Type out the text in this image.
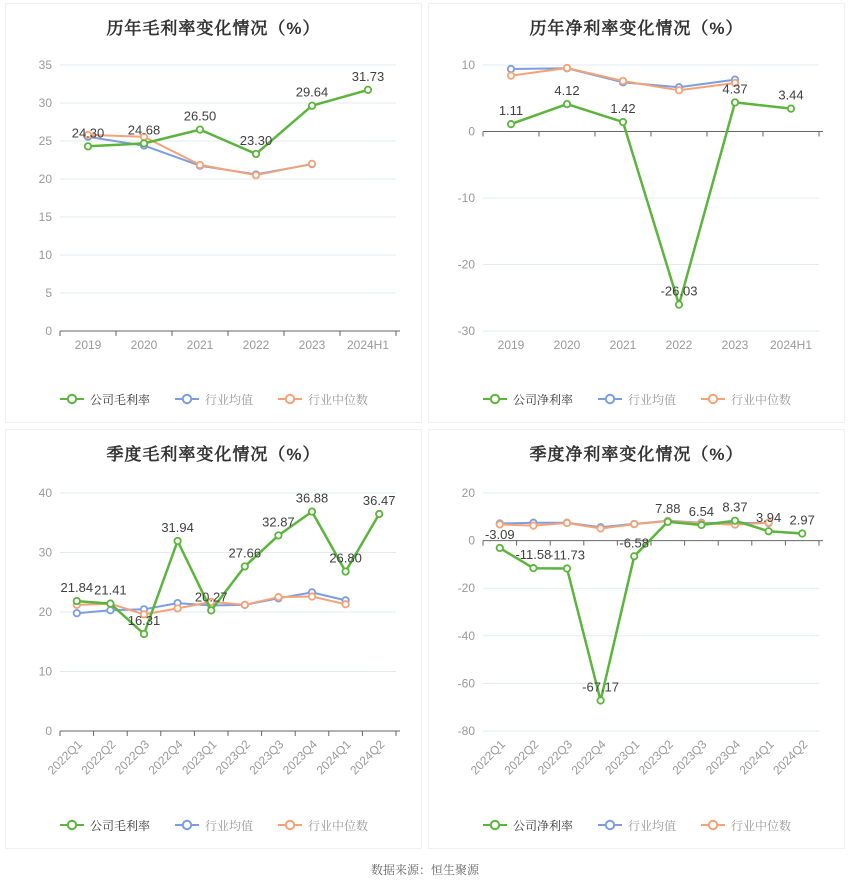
历年毛利率变化情况（%）
0
5
10
15
20
25
30
35
2019 2020 2021 2022 2023 2024H1
24.30 24.68
26.50
23.30
29.64
31.73
公司毛利率	行业均值	行业中位数
历年净利率变化情况（%）
-30
-20
-10
0
10
2019 2020 2021 2022 2023 2024H1
1.11
4.12
1.42
-26.03
4.37 3.44
公司净利率	行业均值	行业中位数
季度毛利率变化情况（%）
0
10
20
30
40
2022Q1
2022Q2
2022Q3
2022Q4
2023Q1
2023Q2
2023Q3
2023Q4
2024Q1
2024Q2
21.84 21.41
16.31
31.94
20.27
27.66
32.87
36.88
26.80
36.47
公司毛利率	行业均值	行业中位数
季度净利率变化情况（%）
-80
-60
-40
-20
0
20
2022Q1
2022Q2
2022Q3
2022Q4
2023Q1
2023Q2
2023Q3
2023Q4
2024Q1
2024Q2
-3.09
-11.58
-11.73
-67.17
-6.58
7.88 6.54 8.37
3.94 2.97
公司净利率	行业均值	行业中位数
数据来源：恒生聚源
